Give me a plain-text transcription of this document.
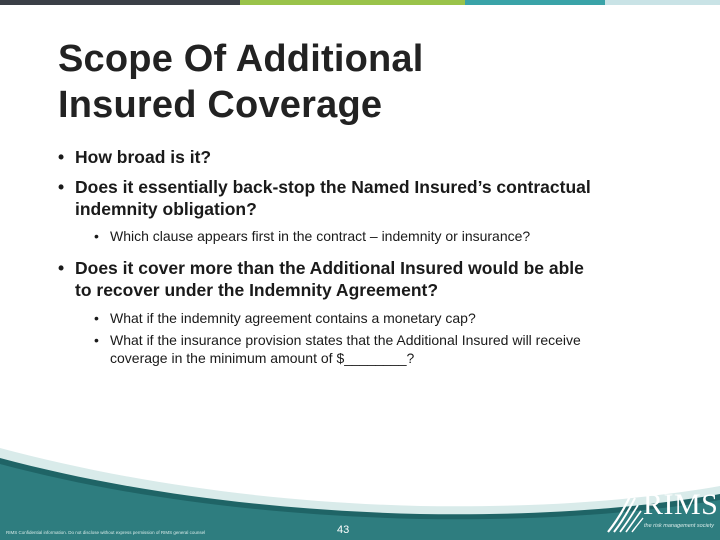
Scope Of Additional
Insured Coverage
• How broad is it?
• Does it essentially back-stop the Named Insured’s contractual
indemnity obligation?
• Which clause appears first in the contract – indemnity or insurance?
• Does it cover more than the Additional Insured would be able
to recover under the Indemnity Agreement?
• What if the indemnity agreement contains a monetary cap?
• What if the insurance provision states that the Additional Insured will receive
coverage in the minimum amount of $________?
RIMS Confidential information. Do not disclose without express permission of RIMS general counsel	43
RIMS
the risk management society
